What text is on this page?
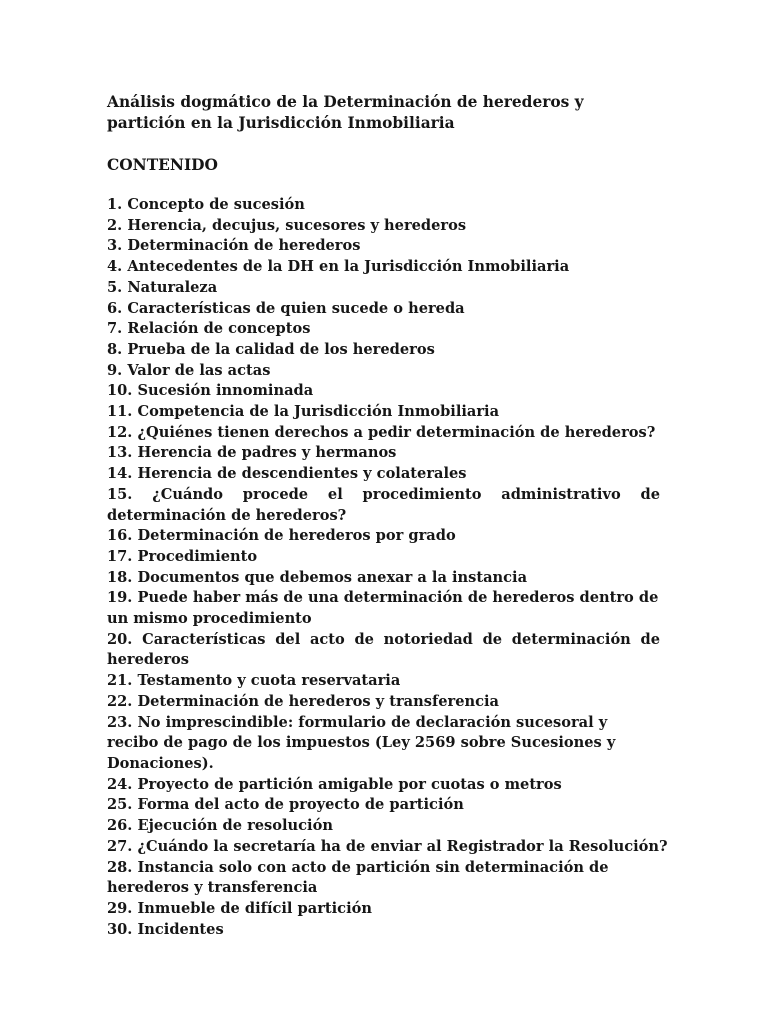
Análisis dogmático de la Determinación de herederos y partición en la Jurisdicción Inmobiliaria

CONTENIDO
1. Concepto de sucesión
2. Herencia, decujus, sucesores y herederos
3. Determinación de herederos
4. Antecedentes de la DH en la Jurisdicción Inmobiliaria
5. Naturaleza
6. Características de quien sucede o hereda
7. Relación de conceptos
8. Prueba de la calidad de los herederos
9. Valor de las actas
10. Sucesión innominada
11. Competencia de la Jurisdicción Inmobiliaria
12. ¿Quiénes tienen derechos a pedir determinación de herederos?
13. Herencia de padres y hermanos
14. Herencia de descendientes y colaterales
15. ¿Cuándo procede el procedimiento administrativo de determinación de herederos?
16. Determinación de herederos por grado
17. Procedimiento
18. Documentos que debemos anexar a la instancia
19. Puede haber más de una determinación de herederos dentro de un mismo procedimiento
20. Características del acto de notoriedad de determinación de herederos
21. Testamento y cuota reservataria
22. Determinación de herederos y transferencia
23. No imprescindible: formulario de declaración sucesoral y recibo de pago de los impuestos (Ley 2569 sobre Sucesiones y Donaciones).
24. Proyecto de partición amigable por cuotas o metros
25. Forma del acto de proyecto de partición
26. Ejecución de resolución
27. ¿Cuándo la secretaría ha de enviar al Registrador la Resolución?
28. Instancia solo con acto de partición sin determinación de herederos y transferencia
29. Inmueble de difícil partición
30. Incidentes
